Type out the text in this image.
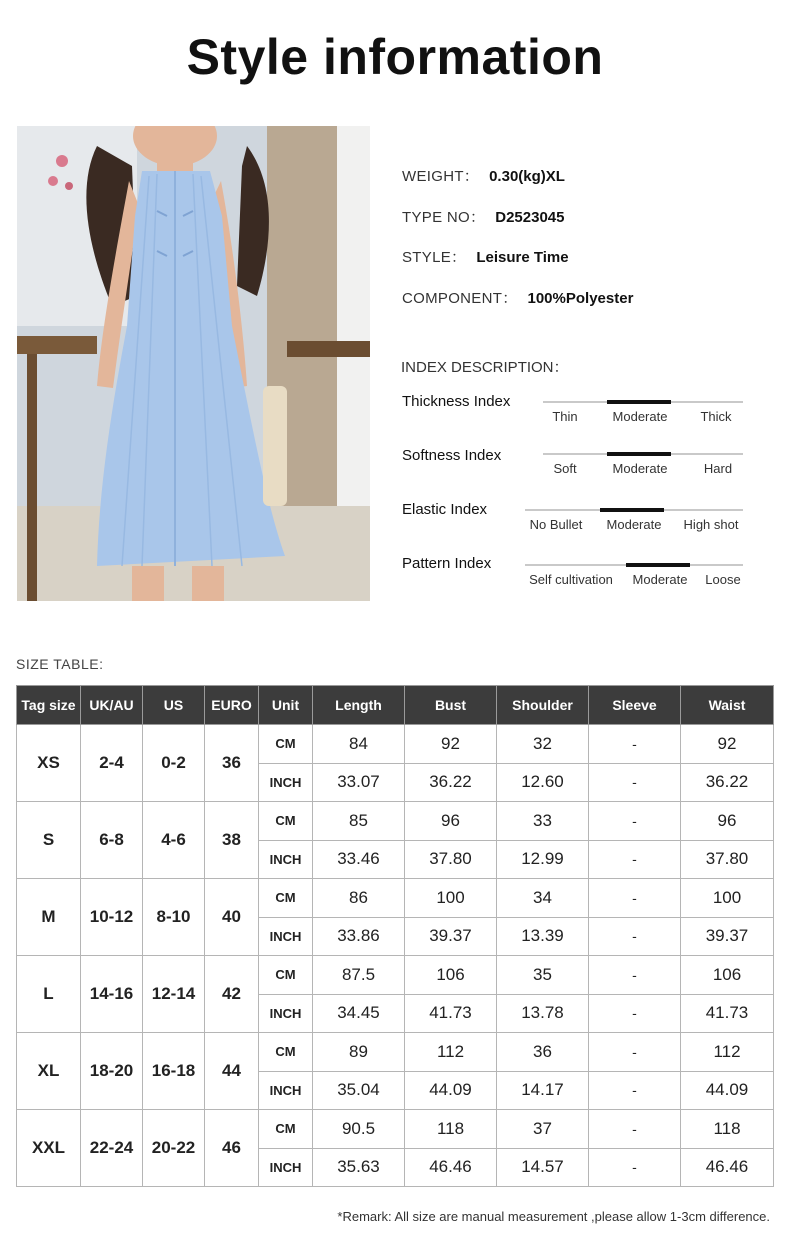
Style information
WEIGHT： 0.30(kg)XL
TYPE NO： D2523045
STYLE： Leisure Time
COMPONENT： 100%Polyester
INDEX DESCRIPTION：
Thickness Index
Thin	Moderate	Thick
Softness Index
Soft	Moderate	Hard
Elastic Index
No Bullet Moderate High shot
Pattern Index
Self cultivation Moderate Loose
SIZE TABLE:
Tag size	UK/AU	US	EURO	Unit	Length	Bust	Shoulder	Sleeve	Waist
XS	2-4	0-2	36	CM	84	92	32	-	92
				INCH	33.07	36.22	12.60	-	36.22
S	6-8	4-6	38	CM	85	96	33	-	96
				INCH	33.46	37.80	12.99	-	37.80
M	10-12	8-10	40	CM	86	100	34	-	100
				INCH	33.86	39.37	13.39	-	39.37
L	14-16	12-14	42	CM	87.5	106	35	-	106
				INCH	34.45	41.73	13.78	-	41.73
XL	18-20	16-18	44	CM	89	112	36	-	112
				INCH	35.04	44.09	14.17	-	44.09
XXL	22-24	20-22	46	CM	90.5	118	37	-	118
				INCH	35.63	46.46	14.57	-	46.46
*Remark: All size are manual measurement ,please allow 1-3cm difference.
